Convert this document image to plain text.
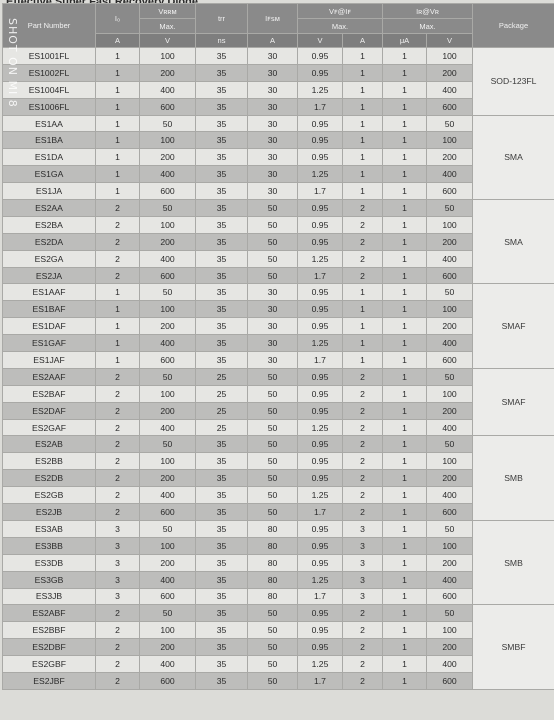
SHOT ON MI 8 Part Number	I₀	Vʀʀᴍ	trr	Iꜰꜱᴍ	Vꜰ@Iꜰ		Iʀ@Vʀ		Package
		Max.			Max.		Max.		
	A	V	ns	A	V	A	μA	V	
ES1001FL	1	100	35	30	0.95	1	1	100	SOD-123FL
ES1002FL	1	200	35	30	0.95	1	1	200	
ES1004FL	1	400	35	30	1.25	1	1	400	
ES1006FL	1	600	35	30	1.7	1	1	600	
ES1AA	1	50	35	30	0.95	1	1	50	SMA
ES1BA	1	100	35	30	0.95	1	1	100	
ES1DA	1	200	35	30	0.95	1	1	200	
ES1GA	1	400	35	30	1.25	1	1	400	
ES1JA	1	600	35	30	1.7	1	1	600	
ES2AA	2	50	35	50	0.95	2	1	50	SMA
ES2BA	2	100	35	50	0.95	2	1	100	
ES2DA	2	200	35	50	0.95	2	1	200	
ES2GA	2	400	35	50	1.25	2	1	400	
ES2JA	2	600	35	50	1.7	2	1	600	
ES1AAF	1	50	35	30	0.95	1	1	50	SMAF
ES1BAF	1	100	35	30	0.95	1	1	100	
ES1DAF	1	200	35	30	0.95	1	1	200	
ES1GAF	1	400	35	30	1.25	1	1	400	
ES1JAF	1	600	35	30	1.7	1	1	600	
ES2AAF	2	50	25	50	0.95	2	1	50	SMAF
ES2BAF	2	100	25	50	0.95	2	1	100	
ES2DAF	2	200	25	50	0.95	2	1	200	
ES2GAF	2	400	25	50	1.25	2	1	400	
ES2AB	2	50	35	50	0.95	2	1	50	SMB
ES2BB	2	100	35	50	0.95	2	1	100	
ES2DB	2	200	35	50	0.95	2	1	200	
ES2GB	2	400	35	50	1.25	2	1	400	
ES2JB	2	600	35	50	1.7	2	1	600	
ES3AB	3	50	35	80	0.95	3	1	50	SMB
ES3BB	3	100	35	80	0.95	3	1	100	
ES3DB	3	200	35	80	0.95	3	1	200	
ES3GB	3	400	35	80	1.25	3	1	400	
ES3JB	3	600	35	80	1.7	3	1	600	
ES2ABF	2	50	35	50	0.95	2	1	50	SMBF
ES2BBF	2	100	35	50	0.95	2	1	100	
ES2DBF	2	200	35	50	0.95	2	1	200	
ES2GBF	2	400	35	50	1.25	2	1	400	
ES2JBF	2	600	35	50	1.7	2	1	600	
